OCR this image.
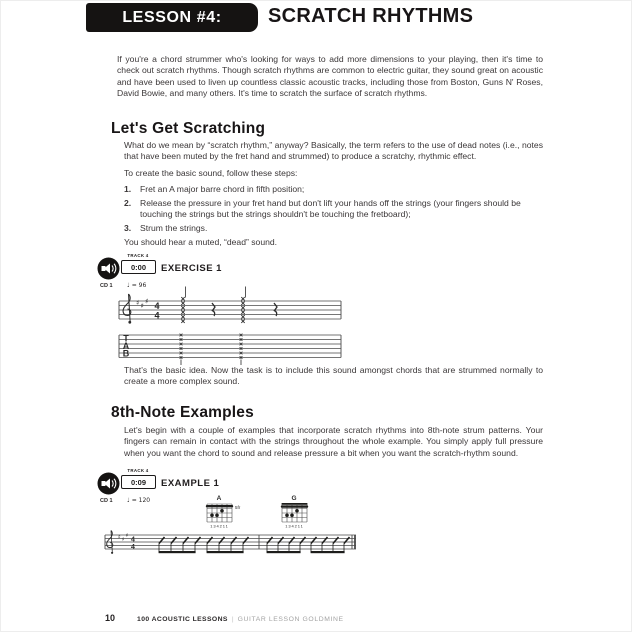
LESSON #4: SCRATCH RHYTHMS

If you're a chord strummer who's looking for ways to add more dimensions to your playing, then it's time to check out scratch rhythms. Though scratch rhythms are common to electric guitar, they sound great on acoustic and have been used to liven up countless classic acoustic tracks, including those from Boston, Guns N' Roses, David Bowie, and many others. It's time to scratch the surface of scratch rhythms.

Let's Get Scratching

What do we mean by “scratch rhythm,” anyway? Basically, the term refers to the use of dead notes (i.e., notes that have been muted by the fret hand and strummed) to produce a scratchy, rhythmic effect.

To create the basic sound, follow these steps:

1.	Fret an A major barre chord in fifth position;
2.	Release the pressure in your fret hand but don't lift your hands off the strings (your fingers should be touching the strings but the strings shouldn't be touching the fretboard);
3.	Strum the strings.

You should hear a muted, “dead” sound.

TRACK 4
0:00 EXERCISE 1
CD 1 ♩ = 96
♯ ♯
♯ 4
4
T
A
B

That's the basic idea. Now the task is to include this sound amongst chords that are strummed normally to create a more complex sound.

8th-Note Examples

Let's begin with a couple of examples that incorporate scratch rhythms into 8th-note strum patterns. Your fingers can remain in contact with the strings throughout the whole example. You simply apply full pressure when you want the chord to sound and release pressure a bit when you want the scratch-rhythm sound.

TRACK 4
0:09 EXAMPLE 1
CD 1 ♩ = 120	A
5fr
134211
G
134211
♯ ♯
♯
4
4
10	100 ACOUSTIC LESSONS | GUITAR LESSON GOLDMINE
